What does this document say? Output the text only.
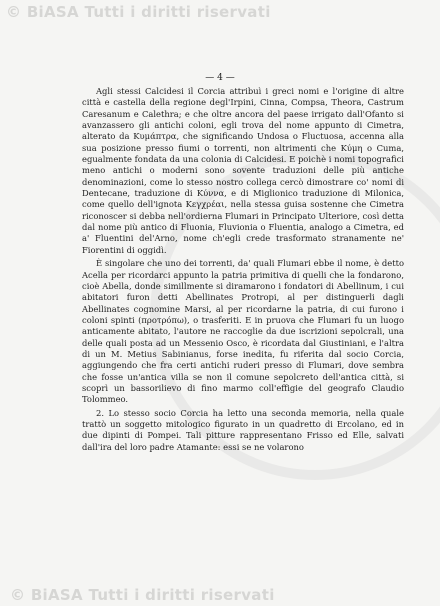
© BiASA Tutti i diritti riservati
— 4 —

Agli stessi Calcidesi il Corcia attribuì i greci nomi e l'origine di altre città e castella della regione degl'Irpini, Cinna, Compsa, Theora, Castrum Caresanum e Calethra; e che oltre ancora del paese irrigato dall'Ofanto si avanzassero gli antichi coloni, egli trova del nome appunto di Cimetra, alterato da Κυμάπτρα, che significando Undosa o Fluctuosa, accenna alla sua posizione presso fiumi o torrenti, non altrimenti che Κύμη o Cuma, egualmente fondata da una colonia di Calcidesi. E poichè i nomi topografici meno antichi o moderni sono sovente traduzioni delle più antiche denominazioni, come lo stesso nostro collega cercò dimostrare co' nomi di Dentecane, traduzione di Κύννα, e di Miglionico traduzione di Milonica, come quello dell'ignota Κεγχρέαι, nella stessa guisa sostenne che Cimetra riconoscer si debba nell'ordierna Flumari in Principato Ulteriore, così detta dal nome più antico di Fluonia, Fluvionia o Fluentia, analogo a Cimetra, ed a' Fluentini del'Arno, nome ch'egli crede trasformato stranamente ne' Fiorentini di oggidì.

È singolare che uno dei torrenti, da' quali Flumari ebbe il nome, è detto Acella per ricordarci appunto la patria primitiva di quelli che la fondarono, cioè Abella, donde simillmente si diramarono i fondatori di Abellinum, i cui abitatori furon detti Abellinates Protropi, al per distinguerli dagli Abellinates cognomine Marsi, al per ricordarne la patria, di cui furono i coloni spinti (προτρόπω), o trasferiti. E in pruova che Flumari fu un luogo anticamente abitato, l'autore ne raccoglie da due iscrizioni sepolcrali, una delle quali posta ad un Messenio Osco, è ricordata dal Giustiniani, e l'altra di un M. Metius Sabinianus, forse inedita, fu riferita dal socio Corcia, aggiungendo che fra certi antichi ruderi presso di Flumari, dove sembra che fosse un'antica villa se non il comune sepolcreto dell'antica città, si scoprì un bassorilievo di fino marmo coll'effigie del geografo Claudio Tolommeo.

2. Lo stesso socio Corcia ha letto una seconda memoria, nella quale trattò un soggetto mitologico figurato in un quadretto di Ercolano, ed in due dipinti di Pompei. Tali pitture rappresentano Frisso ed Elle, salvati dall'ira del loro padre Atamante: essi se ne volarono

© BiASA Tutti i diritti riservati
